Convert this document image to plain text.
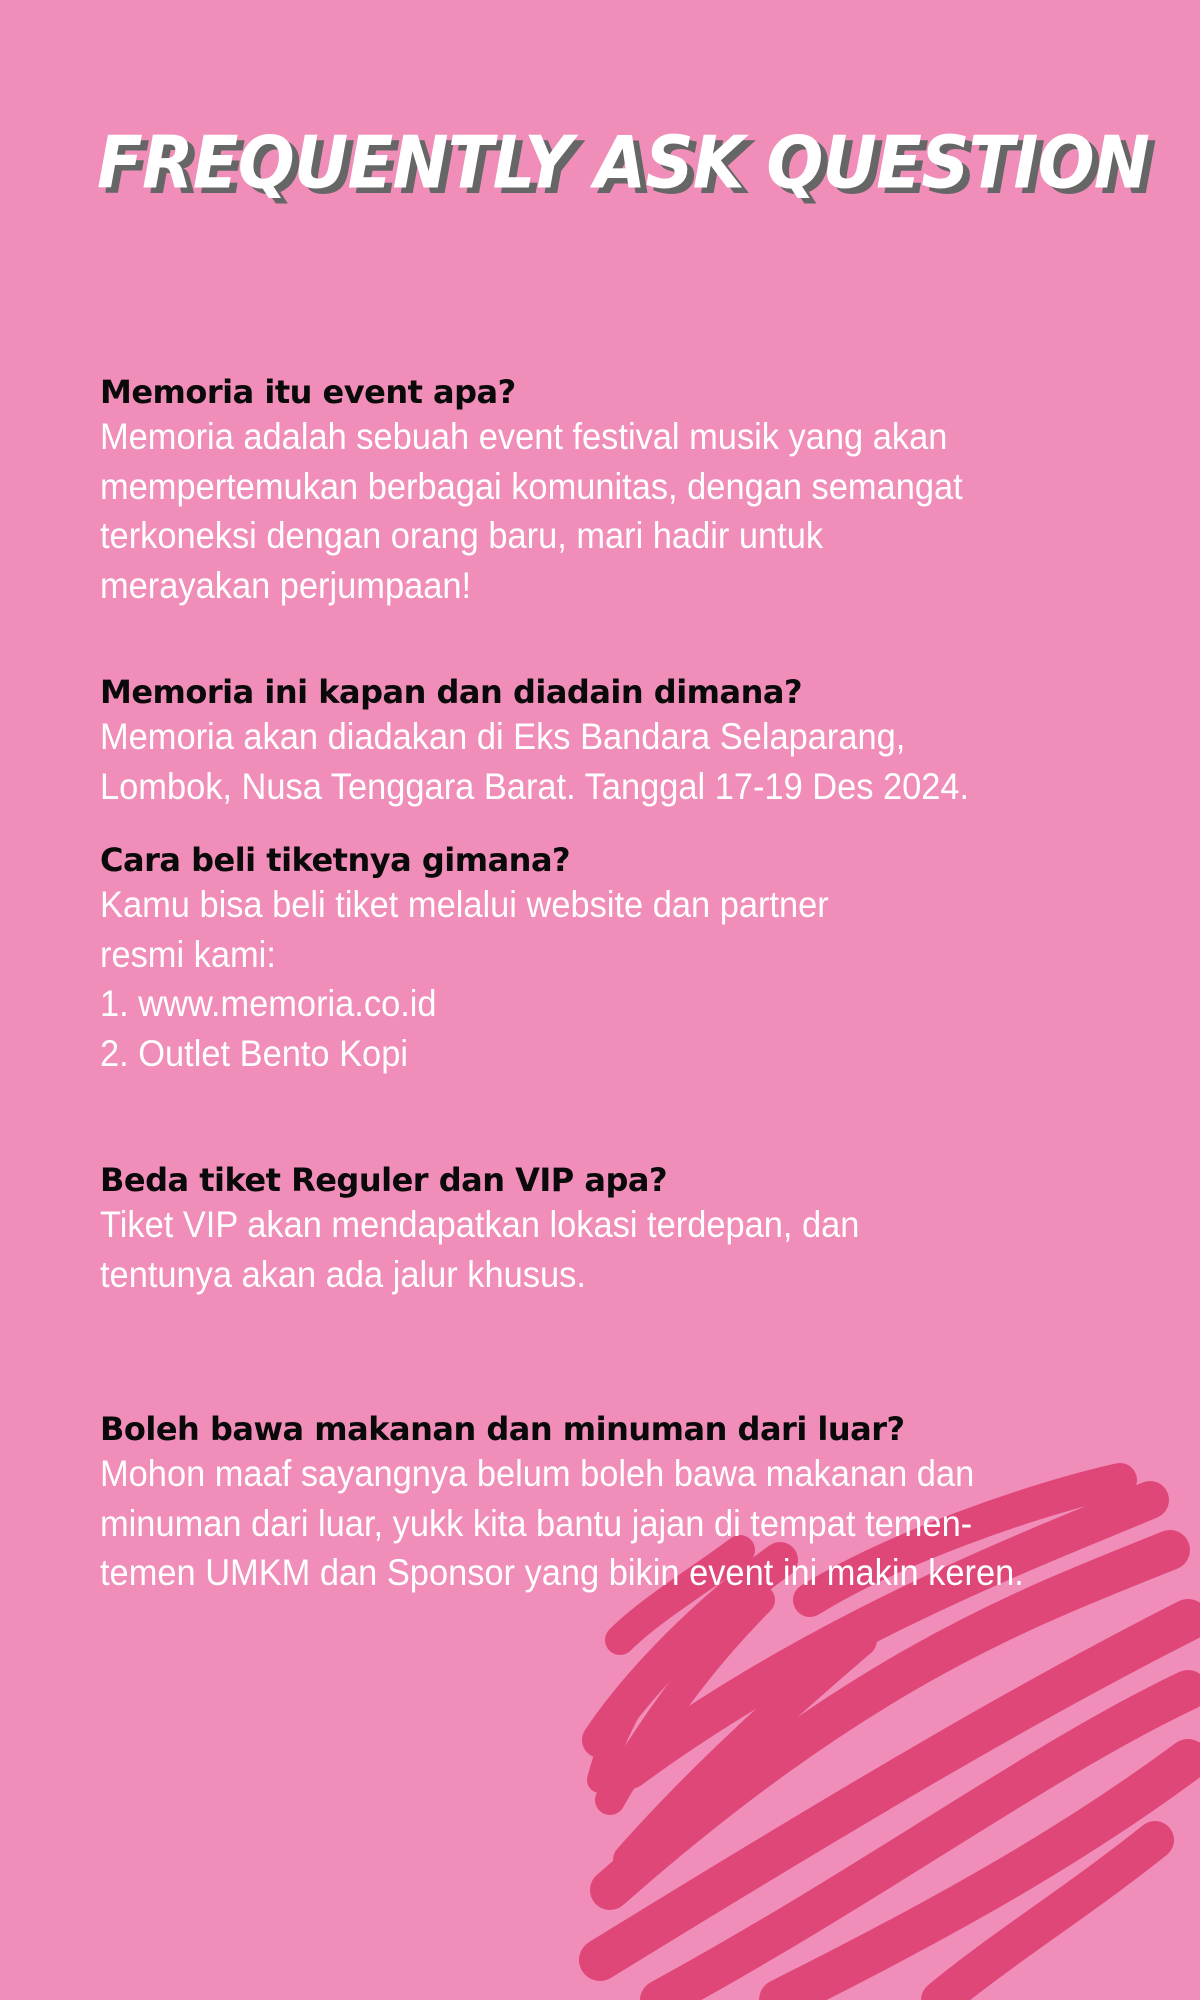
FREQUENTLY ASK QUESTION
Memoria itu event apa?

Memoria adalah sebuah event festival musik yang akan
mempertemukan berbagai komunitas, dengan semangat
terkoneksi dengan orang baru, mari hadir untuk
merayakan perjumpaan!

Memoria ini kapan dan diadain dimana?

Memoria akan diadakan di Eks Bandara Selaparang,
Lombok, Nusa Tenggara Barat. Tanggal 17-19 Des 2024.

Cara beli tiketnya gimana?

Kamu bisa beli tiket melalui website dan partner
resmi kami:
1. www.memoria.co.id
2. Outlet Bento Kopi

Beda tiket Reguler dan VIP apa?

Tiket VIP akan mendapatkan lokasi terdepan, dan
tentunya akan ada jalur khusus.

Boleh bawa makanan dan minuman dari luar?

Mohon maaf sayangnya belum boleh bawa makanan dan
minuman dari luar, yukk kita bantu jajan di tempat temen-
temen UMKM dan Sponsor yang bikin event ini makin keren.
